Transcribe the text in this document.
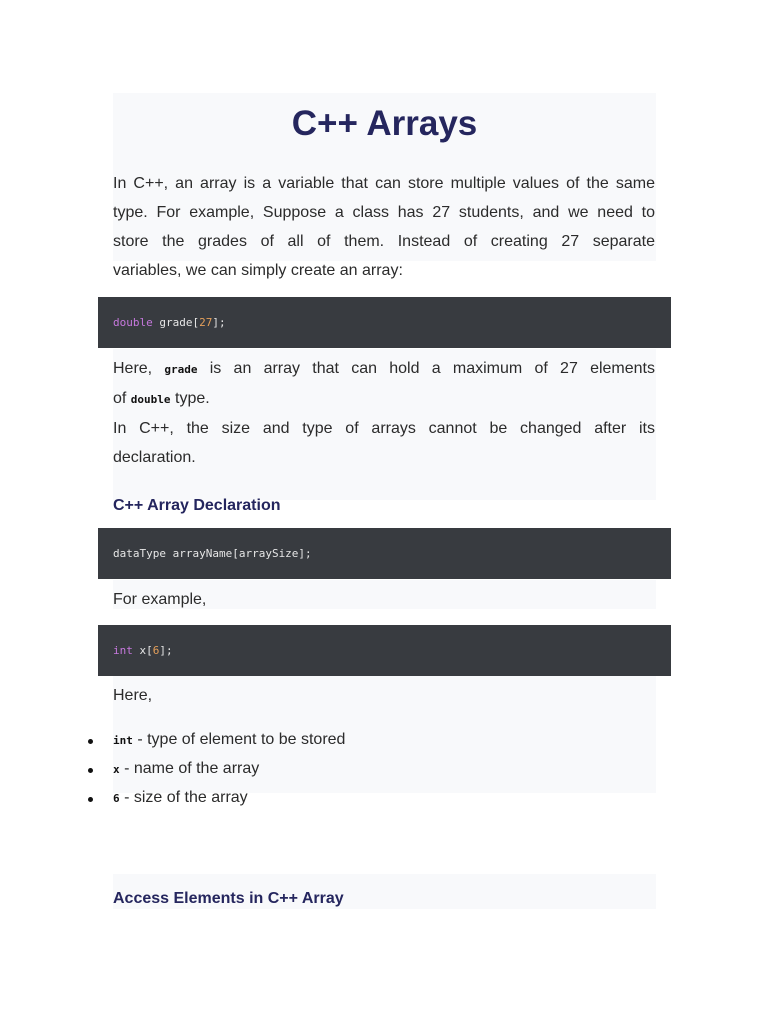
C++ Arrays
In C++, an array is a variable that can store multiple values of the same
type. For example, Suppose a class has 27 students, and we need to
store the grades of all of them. Instead of creating 27 separate
variables, we can simply create an array:
double grade[ 27 ];
Here, grade is an array that can hold a maximum of 27 elements
of double type.
In C++, the size and type of arrays cannot be changed after its
declaration.
C++ Array Declaration
dataType arrayName[arraySize];
For example,
int x[ 6 ];
Here,
int - type of element to be stored
x - name of the array
6 - size of the array
Access Elements in C++ Array
